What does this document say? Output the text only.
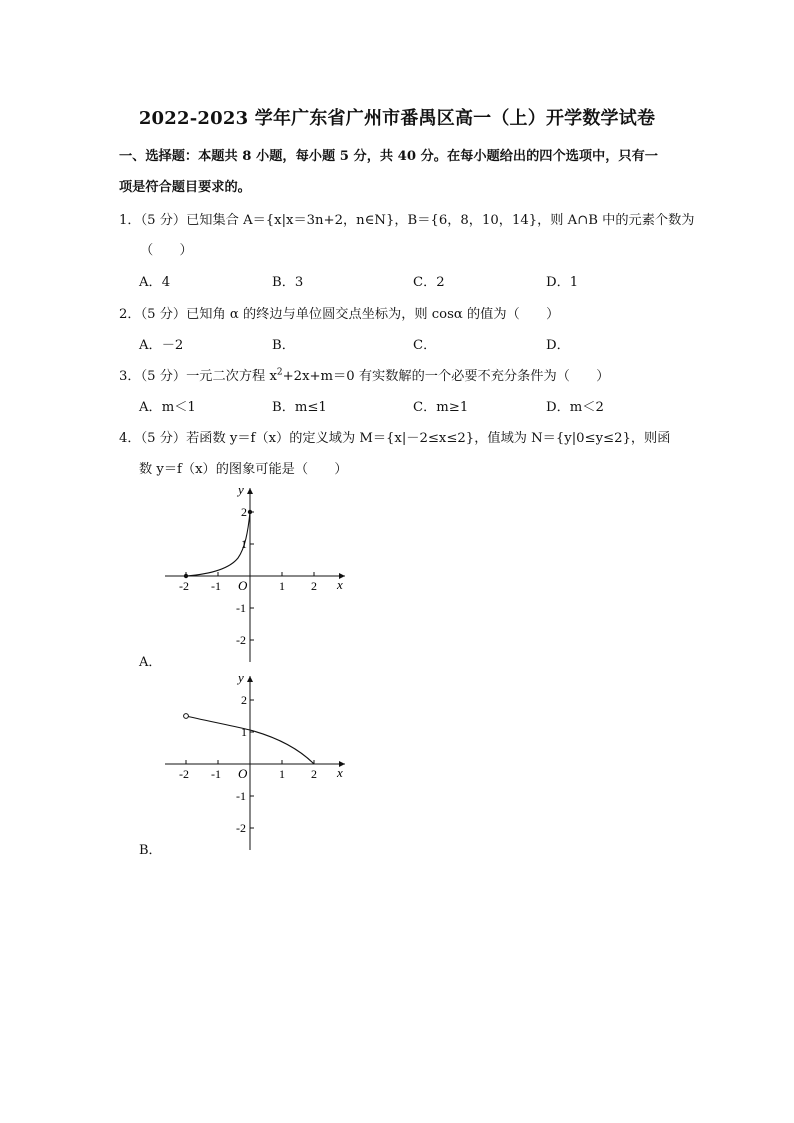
2022-2023 学年广东省广州市番禺区高一（上）开学数学试卷
一、选择题：本题共 8 小题，每小题 5 分，共 40 分。在每小题给出的四个选项中，只有一
项是符合题目要求的。
1．（5 分）已知集合 A＝{x|x＝3n+2，n∈N}，B＝{6，8，10，14}，则 A∩B 中的元素个数为
（　　）
A．4	B．3	C．2	D．1
2．（5 分）已知角 α 的终边与单位圆交点坐标为，则 cosα 的值为（　　）
A．－2	B．	C．	D．
3．（5 分）一元二次方程 $x^2+2x+m=0$ 有实数解的一个必要不充分条件为（　　）
A．m＜1	B．m≤1	C．m≥1	D．m＜2
4．（5 分）若函数 y＝f（x）的定义域为 M＝{x|－2≤x≤2}，值域为 N＝{y|0≤y≤2}，则函
数 y＝f（x）的图象可能是（　　）
y
x
O
-2 -1	1 2
2
1
-1
-2
A．
y
x
O
-2 -1	1 2
2
1
-1
-2
B．
